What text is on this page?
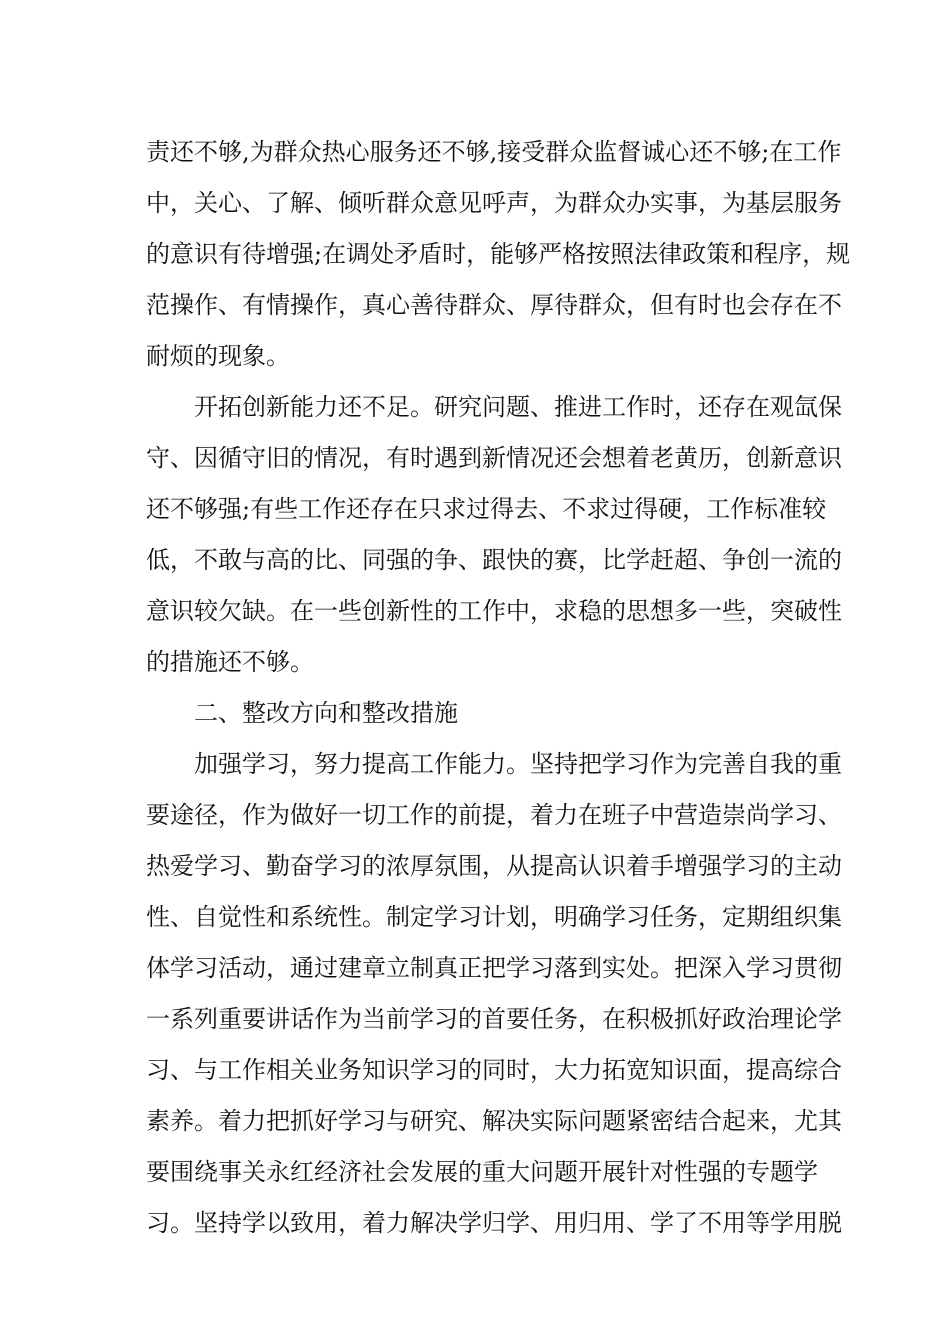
责还不够,为群众热心服务还不够,接受群众监督诚心还不够;在工作
中，关心、了解、倾听群众意见呼声，为群众办实事，为基层服务
的意识有待增强;在调处矛盾时，能够严格按照法律政策和程序，规
范操作、有情操作，真心善待群众、厚待群众，但有时也会存在不
耐烦的现象。
开拓创新能力还不足。研究问题、推进工作时，还存在观氙保
守、因循守旧的情况，有时遇到新情况还会想着老黄历，创新意识
还不够强;有些工作还存在只求过得去、不求过得硬，工作标准较
低，不敢与高的比、同强的争、跟快的赛，比学赶超、争创一流的
意识较欠缺。在一些创新性的工作中，求稳的思想多一些，突破性
的措施还不够。
二、整改方向和整改措施
加强学习，努力提高工作能力。坚持把学习作为完善自我的重
要途径，作为做好一切工作的前提，着力在班子中营造崇尚学习、
热爱学习、勤奋学习的浓厚氛围，从提高认识着手增强学习的主动
性、自觉性和系统性。制定学习计划，明确学习任务，定期组织集
体学习活动，通过建章立制真正把学习落到实处。把深入学习贯彻
一系列重要讲话作为当前学习的首要任务，在积极抓好政治理论学
习、与工作相关业务知识学习的同时，大力拓宽知识面，提高综合
素养。着力把抓好学习与研究、解决实际问题紧密结合起来，尤其
要围绕事关永红经济社会发展的重大问题开展针对性强的专题学
习。坚持学以致用，着力解决学归学、用归用、学了不用等学用脱
